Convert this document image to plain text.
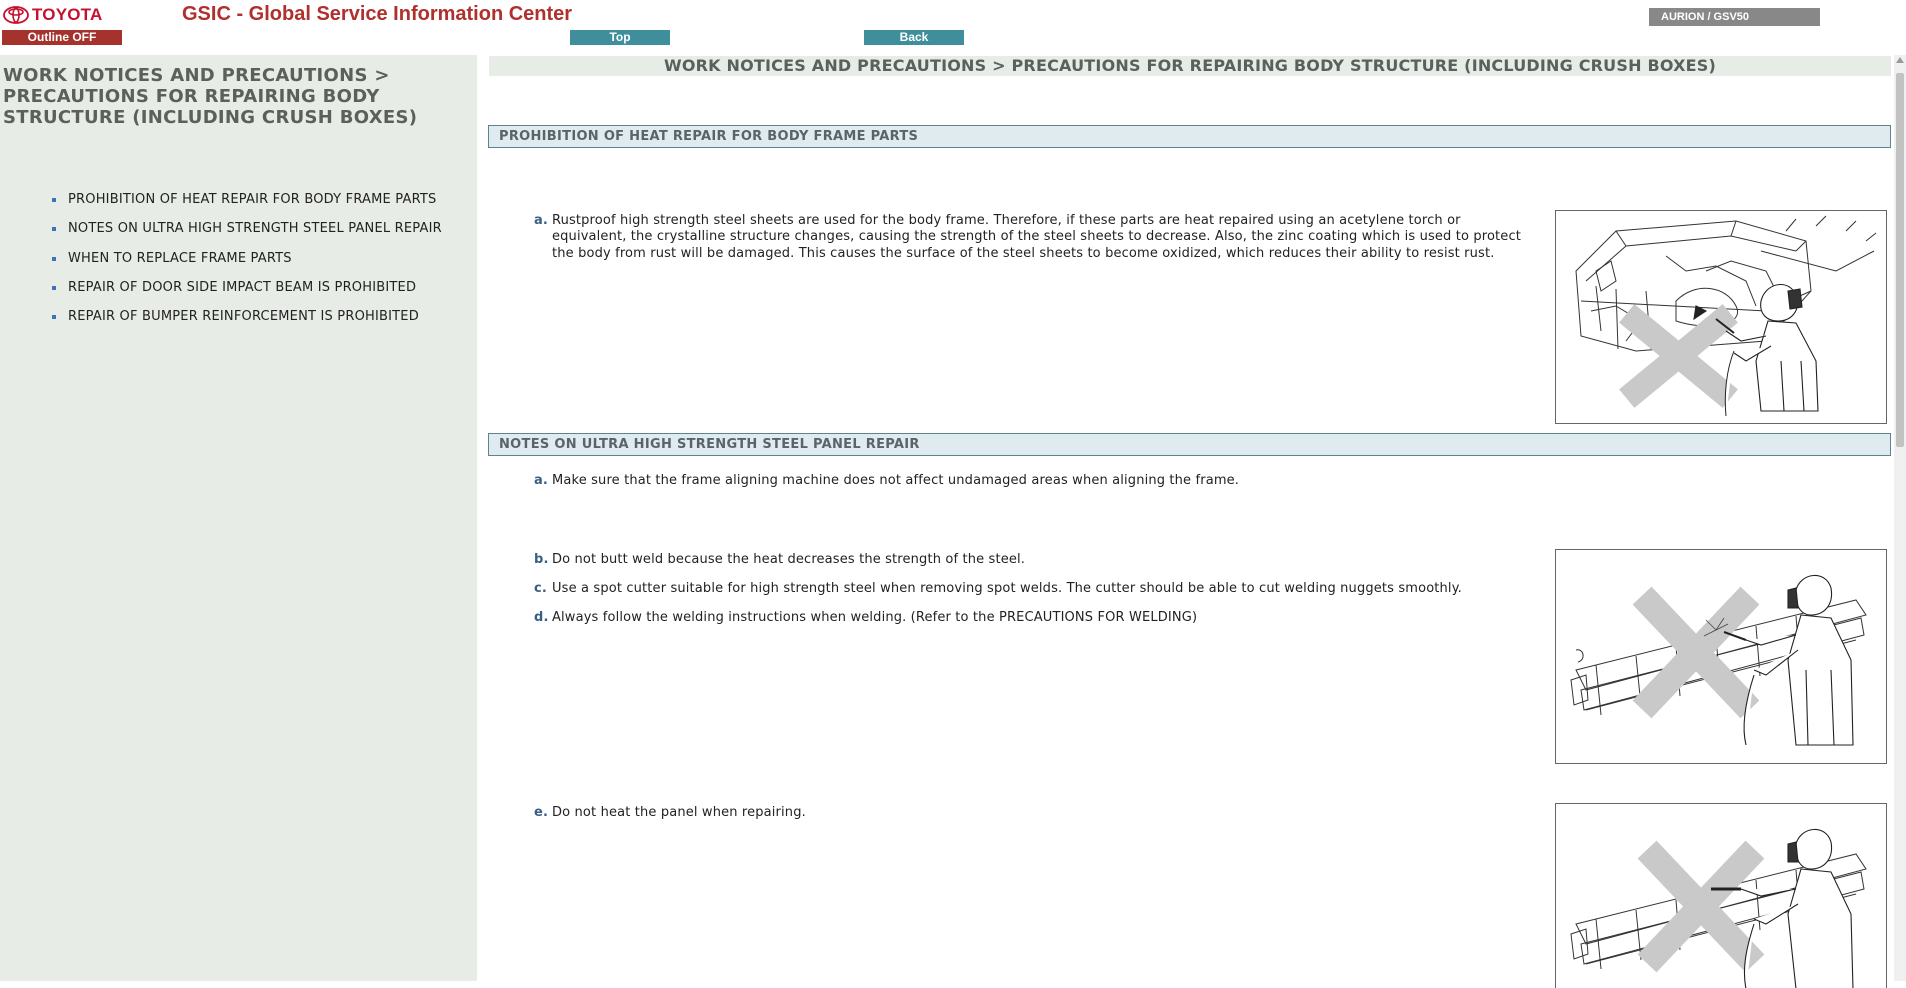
TOYOTA	GSIC - Global Service Information Center
Outline OFF	Top	Back
AURION / GSV50
WORK NOTICES AND PRECAUTIONS > PRECAUTIONS FOR REPAIRING BODY STRUCTURE (INCLUDING CRUSH BOXES)
PROHIBITION OF HEAT REPAIR FOR BODY FRAME PARTS
NOTES ON ULTRA HIGH STRENGTH STEEL PANEL REPAIR
WHEN TO REPLACE FRAME PARTS
REPAIR OF DOOR SIDE IMPACT BEAM IS PROHIBITED
REPAIR OF BUMPER REINFORCEMENT IS PROHIBITED
WORK NOTICES AND PRECAUTIONS > PRECAUTIONS FOR REPAIRING BODY STRUCTURE (INCLUDING CRUSH BOXES)
PROHIBITION OF HEAT REPAIR FOR BODY FRAME PARTS
a. Rustproof high strength steel sheets are used for the body frame. Therefore, if these parts are heat repaired using an acetylene torch or equivalent, the crystalline structure changes, causing the strength of the steel sheets to decrease. Also, the zinc coating which is used to protect the body from rust will be damaged. This causes the surface of the steel sheets to become oxidized, which reduces their ability to resist rust.
NOTES ON ULTRA HIGH STRENGTH STEEL PANEL REPAIR
a. Make sure that the frame aligning machine does not affect undamaged areas when aligning the frame.
b. Do not butt weld because the heat decreases the strength of the steel.
c. Use a spot cutter suitable for high strength steel when removing spot welds. The cutter should be able to cut welding nuggets smoothly.
d. Always follow the welding instructions when welding. (Refer to the PRECAUTIONS FOR WELDING)
e. Do not heat the panel when repairing.
